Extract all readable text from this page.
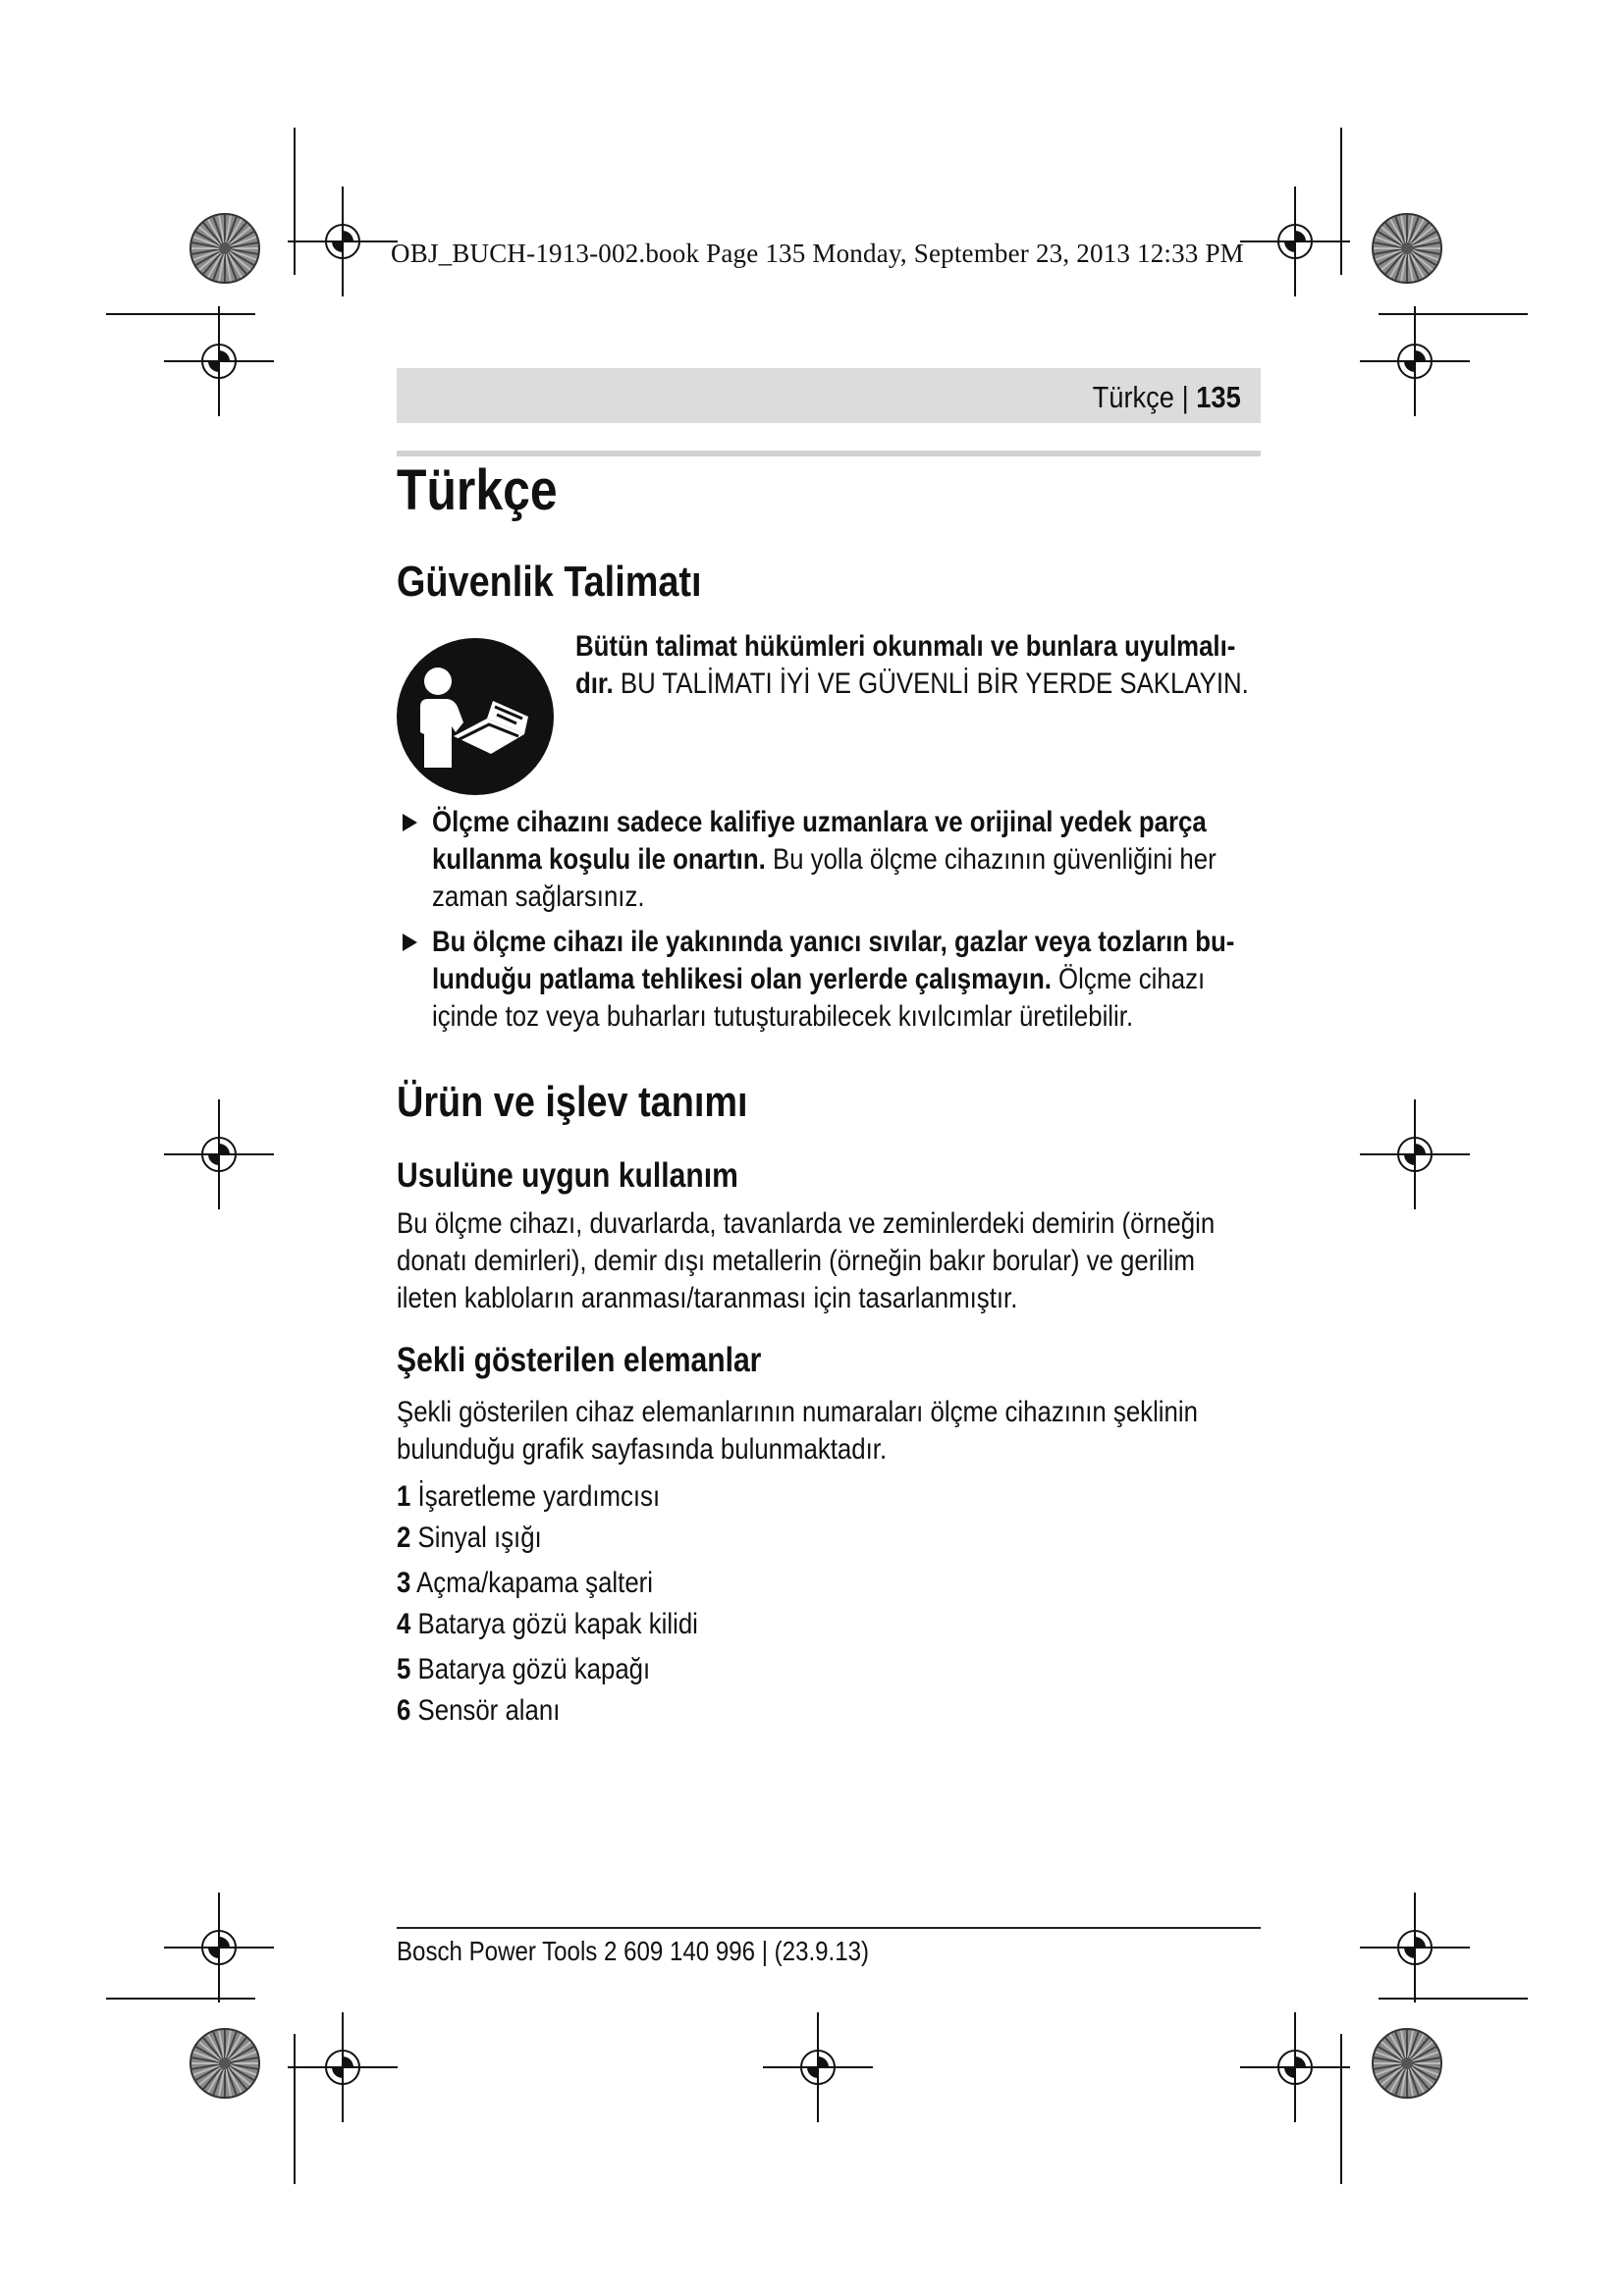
OBJ_BUCH-1913-002.book Page 135 Monday, September 23, 2013 12:33 PM
Türkçe | 135
Türkçe
Güvenlik Talimatı
Bütün talimat hükümleri okunmalı ve bunlara uyulmalı-
dır. BU TALİMATI İYİ VE GÜVENLİ BİR YERDE SAKLAYIN.
Ölçme cihazını sadece kalifiye uzmanlara ve orijinal yedek parça
kullanma koşulu ile onartın. Bu yolla ölçme cihazının güvenliğini her
zaman sağlarsınız.
Bu ölçme cihazı ile yakınında yanıcı sıvılar, gazlar veya tozların bu-
lunduğu patlama tehlikesi olan yerlerde çalışmayın. Ölçme cihazı
içinde toz veya buharları tutuşturabilecek kıvılcımlar üretilebilir.
Ürün ve işlev tanımı
Usulüne uygun kullanım
Bu ölçme cihazı, duvarlarda, tavanlarda ve zeminlerdeki demirin (örneğin
donatı demirleri), demir dışı metallerin (örneğin bakır borular) ve gerilim
ileten kabloların aranması/taranması için tasarlanmıştır.
Şekli gösterilen elemanlar
Şekli gösterilen cihaz elemanlarının numaraları ölçme cihazının şeklinin
bulunduğu grafik sayfasında bulunmaktadır.
1 İşaretleme yardımcısı
2 Sinyal ışığı
3 Açma/kapama şalteri
4 Batarya gözü kapak kilidi
5 Batarya gözü kapağı
6 Sensör alanı
Bosch Power Tools 2 609 140 996 | (23.9.13)
